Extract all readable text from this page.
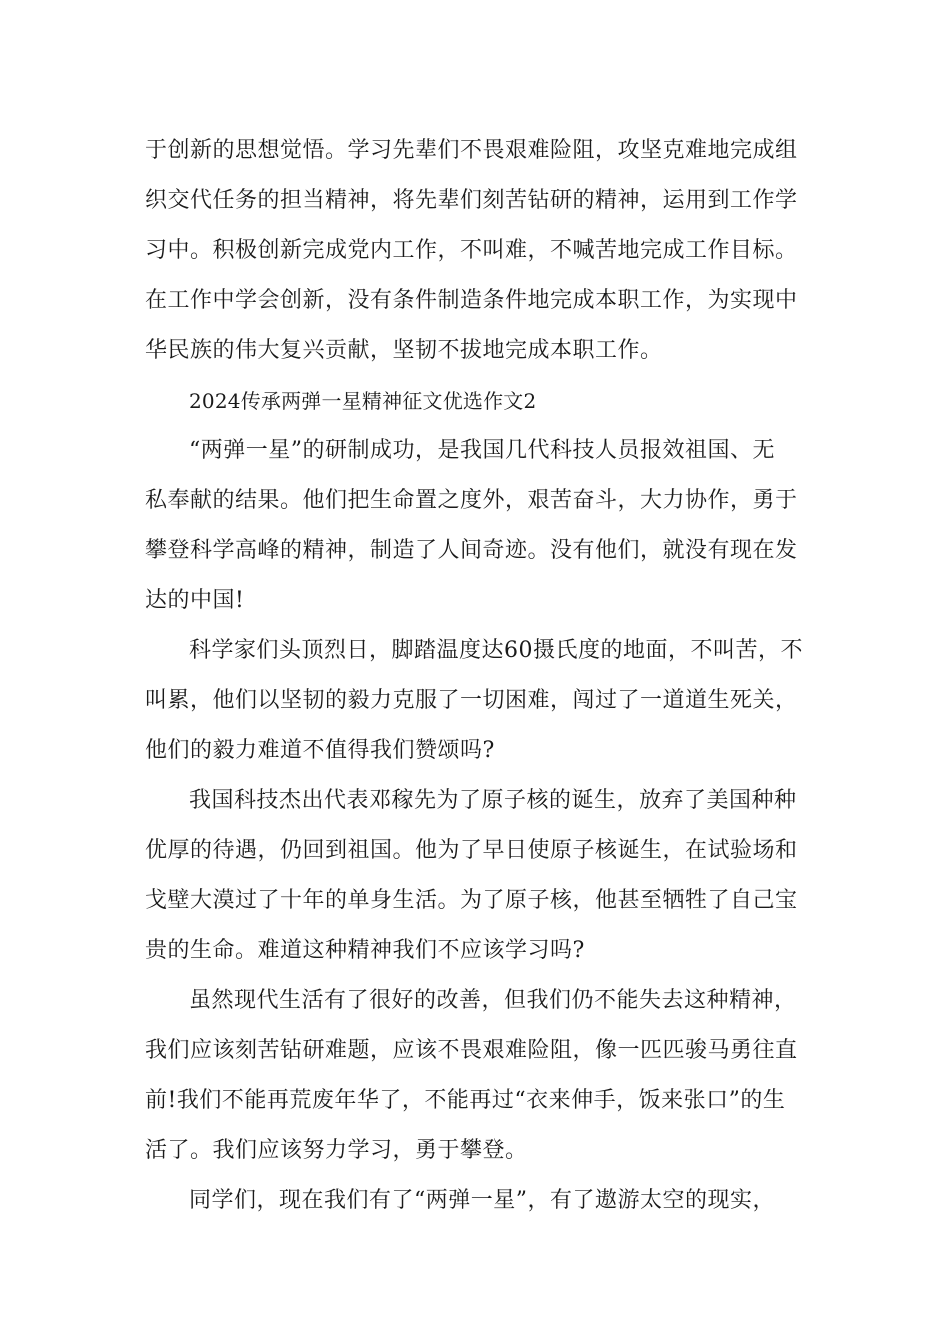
于创新的思想觉悟。学习先辈们不畏艰难险阻，攻坚克难地完成组
织交代任务的担当精神，将先辈们刻苦钻研的精神，运用到工作学
习中。积极创新完成党内工作，不叫难，不喊苦地完成工作目标。
在工作中学会创新，没有条件制造条件地完成本职工作，为实现中
华民族的伟大复兴贡献，坚韧不拔地完成本职工作。
2024传承两弹一星精神征文优选作文2
“两弹一星”的研制成功，是我国几代科技人员报效祖国、无
私奉献的结果。他们把生命置之度外，艰苦奋斗，大力协作，勇于
攀登科学高峰的精神，制造了人间奇迹。没有他们，就没有现在发
达的中国!
科学家们头顶烈日，脚踏温度达60摄氏度的地面，不叫苦，不
叫累，他们以坚韧的毅力克服了一切困难，闯过了一道道生死关，
他们的毅力难道不值得我们赞颂吗?
我国科技杰出代表邓稼先为了原子核的诞生，放弃了美国种种
优厚的待遇，仍回到祖国。他为了早日使原子核诞生，在试验场和
戈壁大漠过了十年的单身生活。为了原子核，他甚至牺牲了自己宝
贵的生命。难道这种精神我们不应该学习吗?
虽然现代生活有了很好的改善，但我们仍不能失去这种精神，
我们应该刻苦钻研难题，应该不畏艰难险阻，像一匹匹骏马勇往直
前!我们不能再荒废年华了，不能再过“衣来伸手，饭来张口”的生
活了。我们应该努力学习，勇于攀登。
同学们，现在我们有了“两弹一星”，有了遨游太空的现实，
